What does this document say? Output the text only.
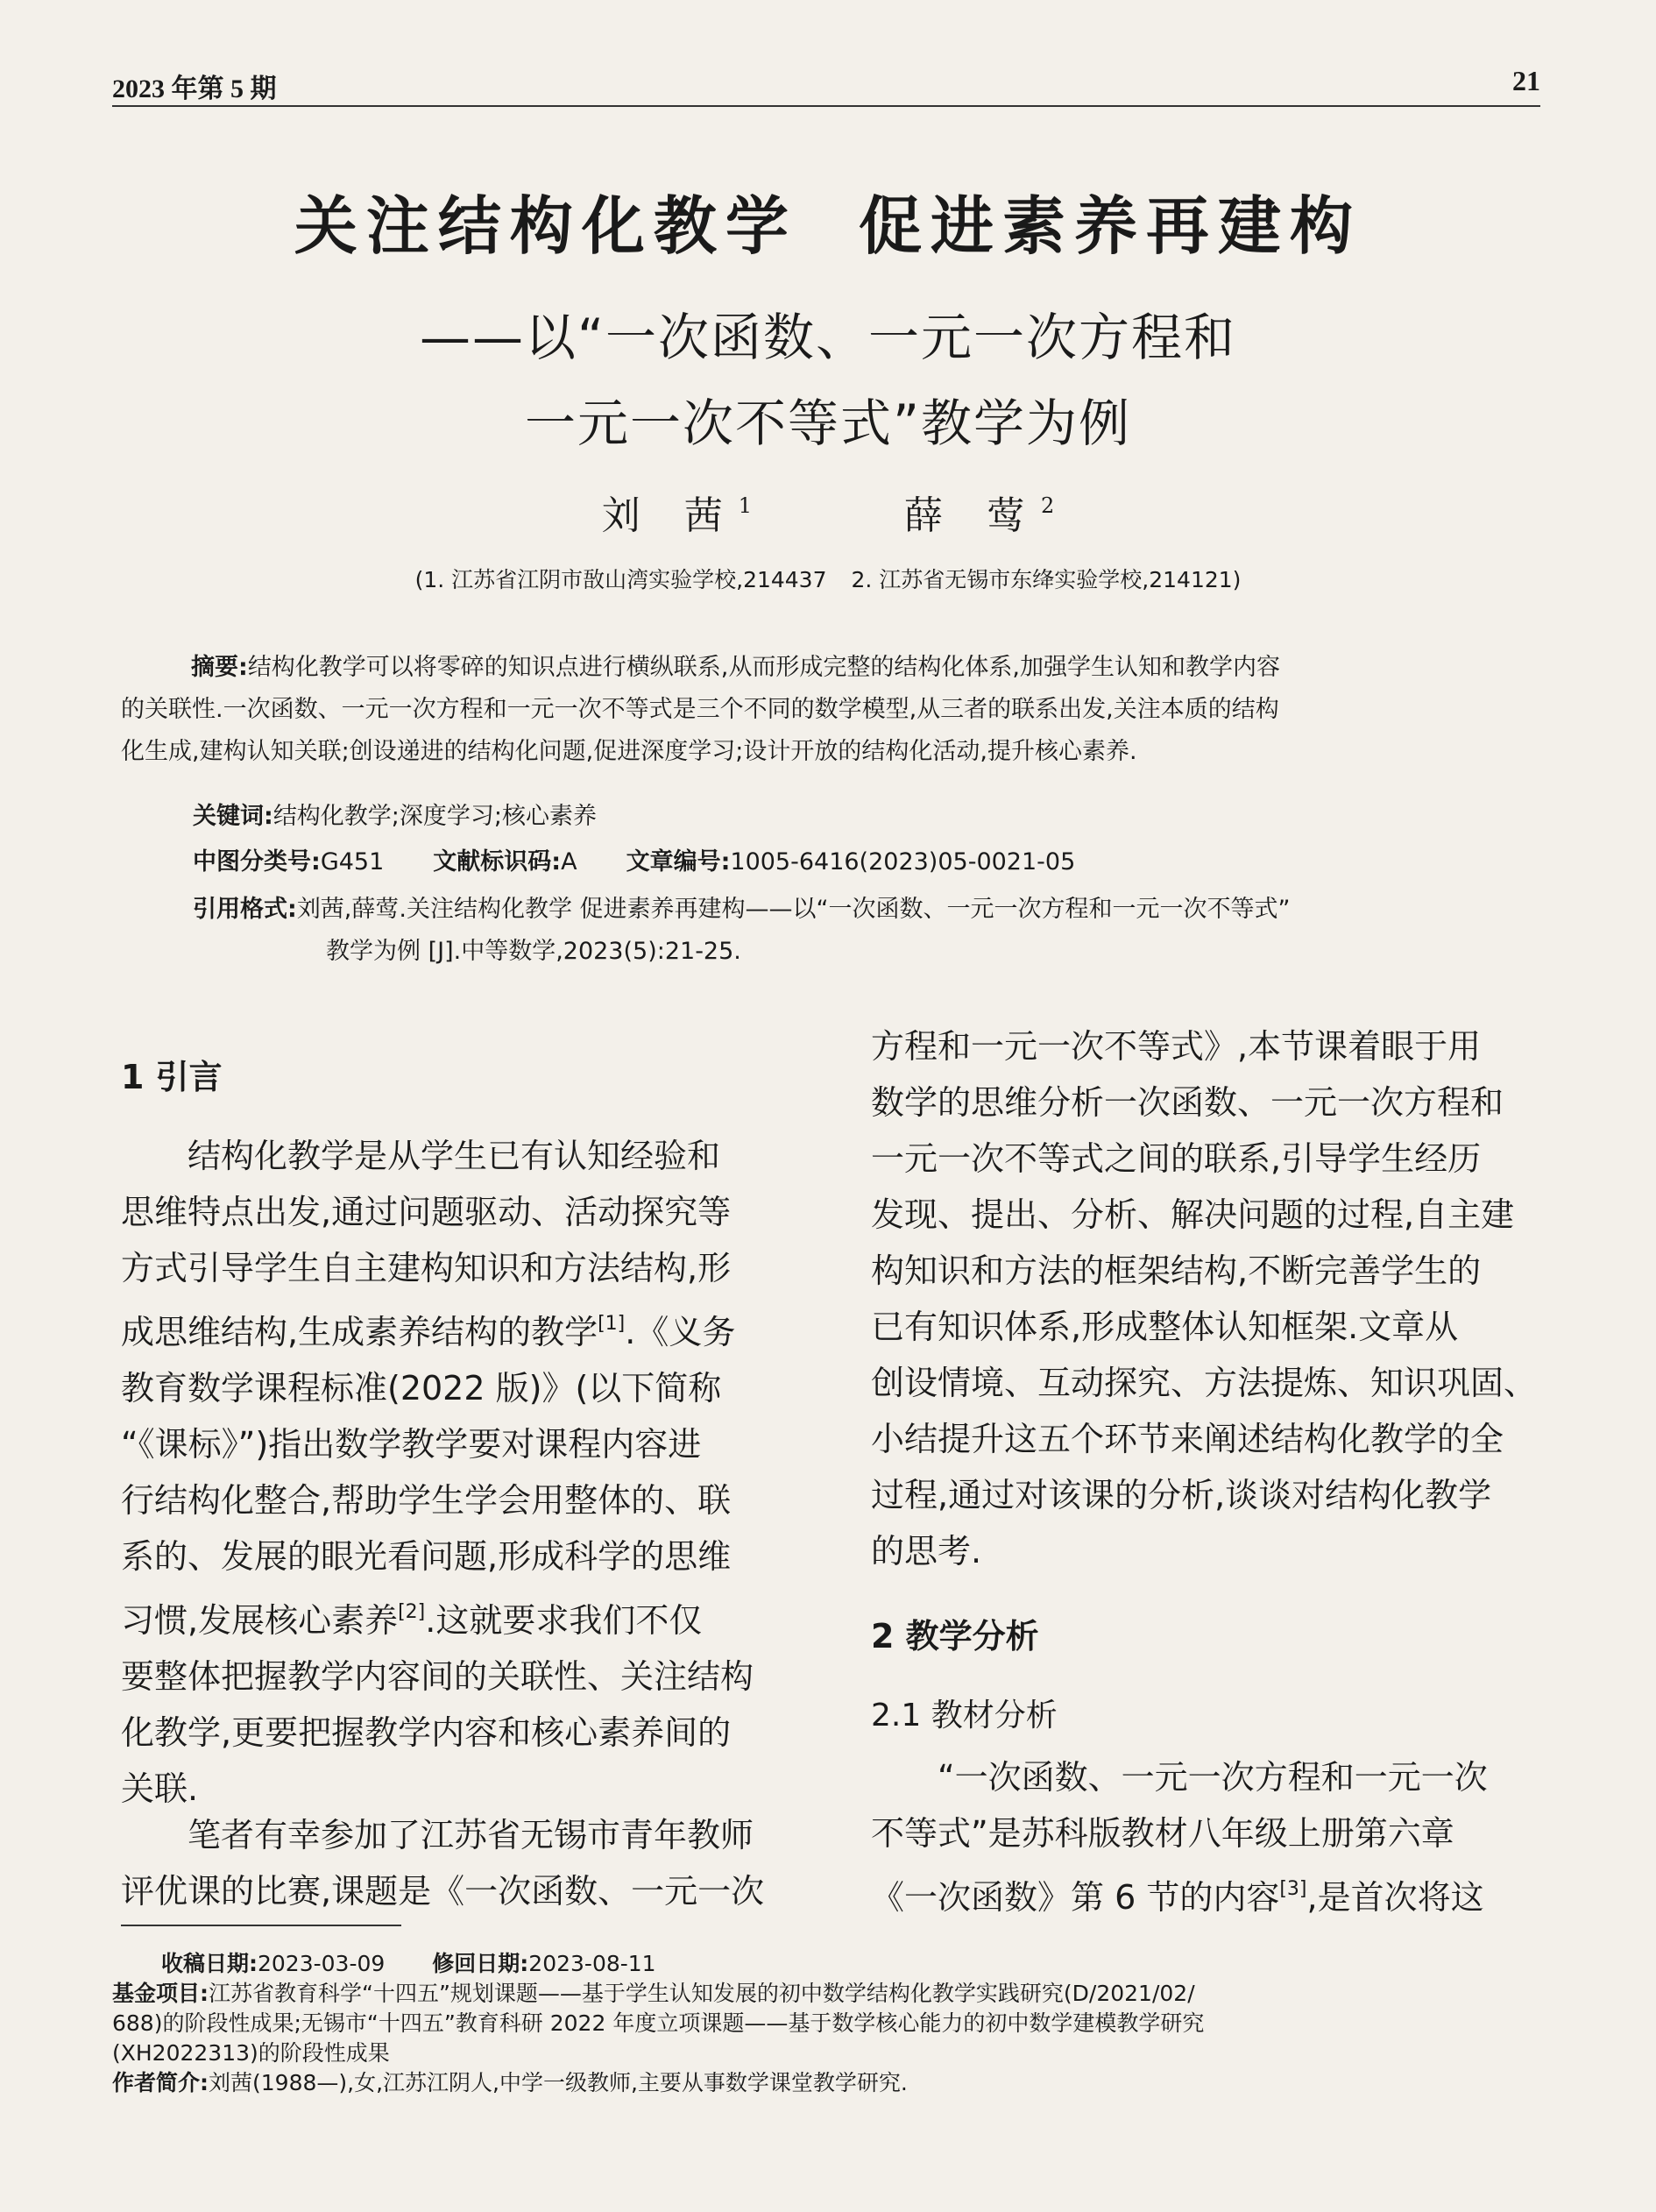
2023 年第 5 期	21
关注结构化教学  促进素养再建构
——以“一次函数、一元一次方程和
一元一次不等式”教学为例
刘 茜$^1$	薛 莺$^2$
(1. 江苏省江阴市敔山湾实验学校,214437 2. 江苏省无锡市东绛实验学校,214121)
摘要:结构化教学可以将零碎的知识点进行横纵联系,从而形成完整的结构化体系,加强学生认知和教学内容
的关联性.一次函数、一元一次方程和一元一次不等式是三个不同的数学模型,从三者的联系出发,关注本质的结构
化生成,建构认知关联;创设递进的结构化问题,促进深度学习;设计开放的结构化活动,提升核心素养.
关键词:结构化教学;深度学习;核心素养
中图分类号:G451 文献标识码:A 文章编号:1005-6416(2023)05-0021-05
引用格式:刘茜,薛莺.关注结构化教学 促进素养再建构——以“一次函数、一元一次方程和一元一次不等式”
教学为例 [J].中等数学,2023(5):21-25.
1 引言
结构化教学是从学生已有认知经验和
思维特点出发,通过问题驱动、活动探究等
方式引导学生自主建构知识和方法结构,形
成思维结构,生成素养结构的教学[1].《义务
教育数学课程标准(2022 版)》(以下简称
“《课标》”)指出数学教学要对课程内容进
行结构化整合,帮助学生学会用整体的、联
系的、发展的眼光看问题,形成科学的思维
习惯,发展核心素养[2].这就要求我们不仅
要整体把握教学内容间的关联性、关注结构
化教学,更要把握教学内容和核心素养间的
关联.
笔者有幸参加了江苏省无锡市青年教师
评优课的比赛,课题是《一次函数、一元一次
方程和一元一次不等式》,本节课着眼于用
数学的思维分析一次函数、一元一次方程和
一元一次不等式之间的联系,引导学生经历
发现、提出、分析、解决问题的过程,自主建
构知识和方法的框架结构,不断完善学生的
已有知识体系,形成整体认知框架.文章从
创设情境、互动探究、方法提炼、知识巩固、
小结提升这五个环节来阐述结构化教学的全
过程,通过对该课的分析,谈谈对结构化教学
的思考.
2 教学分析
2.1 教材分析
“一次函数、一元一次方程和一元一次
不等式”是苏科版教材八年级上册第六章
《一次函数》第 6 节的内容[3],是首次将这
收稿日期:2023-03-09 修回日期:2023-08-11
基金项目:江苏省教育科学“十四五”规划课题——基于学生认知发展的初中数学结构化教学实践研究(D/2021/02/
688)的阶段性成果;无锡市“十四五”教育科研 2022 年度立项课题——基于数学核心能力的初中数学建模教学研究
(XH2022313)的阶段性成果
作者简介:刘茜(1988—),女,江苏江阴人,中学一级教师,主要从事数学课堂教学研究.
